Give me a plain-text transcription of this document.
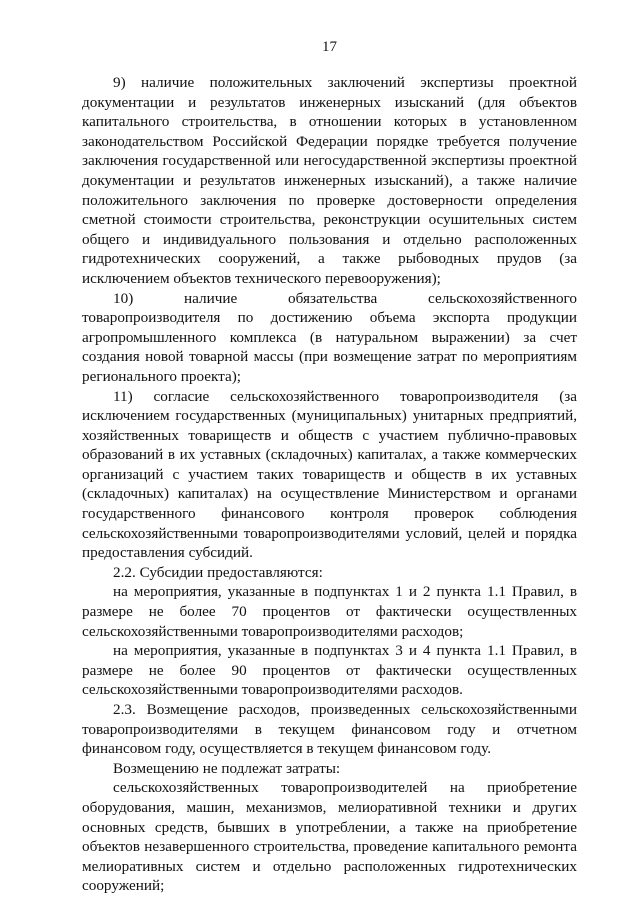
17

9) наличие положительных заключений экспертизы проектной документации и результатов инженерных изысканий (для объектов капитального строительства, в отношении которых в установленном законодательством Российской Федерации порядке требуется получение заключения государственной или негосударственной экспертизы проектной документации и результатов инженерных изысканий), а также наличие положительного заключения по проверке достоверности определения сметной стоимости строительства, реконструкции осушительных систем общего и индивидуального пользования и отдельно расположенных гидротехнических сооружений, а также рыбоводных прудов (за исключением объектов технического перевооружения);

10) наличие обязательства сельскохозяйственного товаропроизводителя по достижению объема экспорта продукции агропромышленного комплекса (в натуральном выражении) за счет создания новой товарной массы (при возмещение затрат по мероприятиям регионального проекта);

11) согласие сельскохозяйственного товаропроизводителя (за исключением государственных (муниципальных) унитарных предприятий, хозяйственных товариществ и обществ с участием публично-правовых образований в их уставных (складочных) капиталах, а также коммерческих организаций с участием таких товариществ и обществ в их уставных (складочных) капиталах) на осуществление Министерством и органами государственного финансового контроля проверок соблюдения сельскохозяйственными товаропроизводителями условий, целей и порядка предоставления субсидий.

2.2. Субсидии предоставляются:

на мероприятия, указанные в подпунктах 1 и 2 пункта 1.1 Правил, в размере не более 70 процентов от фактически осуществленных сельскохозяйственными товаропроизводителями расходов;

на мероприятия, указанные в подпунктах 3 и 4 пункта 1.1 Правил, в размере не более 90 процентов от фактически осуществленных сельскохозяйственными товаропроизводителями расходов.

2.3. Возмещение расходов, произведенных сельскохозяйственными товаропроизводителями в текущем финансовом году и отчетном финансовом году, осуществляется в текущем финансовом году.

Возмещению не подлежат затраты:

сельскохозяйственных товаропроизводителей на приобретение оборудования, машин, механизмов, мелиоративной техники и других основных средств, бывших в употреблении, а также на приобретение объектов незавершенного строительства, проведение капитального ремонта мелиоративных систем и отдельно расположенных гидротехнических сооружений;
